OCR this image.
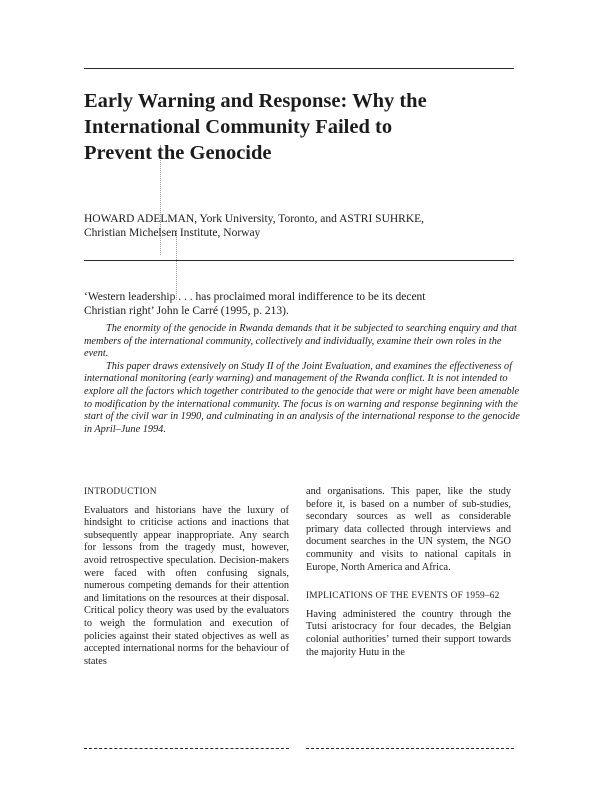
Early Warning and Response: Why the
International Community Failed to
Prevent the Genocide
HOWARD ADELMAN, York University, Toronto, and ASTRI SUHRKE,
Christian Michelsen Institute, Norway
‘Western leadership . . . has proclaimed moral indifference to be its decent
Christian right’ John le Carré (1995, p. 213).

The enormity of the genocide in Rwanda demands that it be subjected to searching enquiry and that members of the international community, collectively and individually, examine their own roles in the event.

This paper draws extensively on Study II of the Joint Evaluation, and examines the effectiveness of international monitoring (early warning) and management of the Rwanda conflict. It is not intended to explore all the factors which together contributed to the genocide that were or might have been amenable to modification by the international community. The focus is on warning and response beginning with the start of the civil war in 1990, and culminating in an analysis of the international response to the genocide in April–June 1994.

INTRODUCTION

Evaluators and historians have the luxury of hindsight to criticise actions and inactions that subsequently appear inappropriate. Any search for lessons from the tragedy must, however, avoid retrospective speculation. Decision-makers were faced with often confusing signals, numerous competing demands for their attention and limitations on the resources at their disposal. Critical policy theory was used by the evaluators to weigh the formulation and execution of policies against their stated objectives as well as accepted international norms for the behaviour of states

and organisations. This paper, like the study before it, is based on a number of sub-studies, secondary sources as well as considerable primary data collected through interviews and document searches in the UN system, the NGO community and visits to national capitals in Europe, North America and Africa.

IMPLICATIONS OF THE EVENTS OF 1959–62

Having administered the country through the Tutsi aristocracy for four decades, the Belgian colonial authorities’ turned their support towards the majority Hutu in the
